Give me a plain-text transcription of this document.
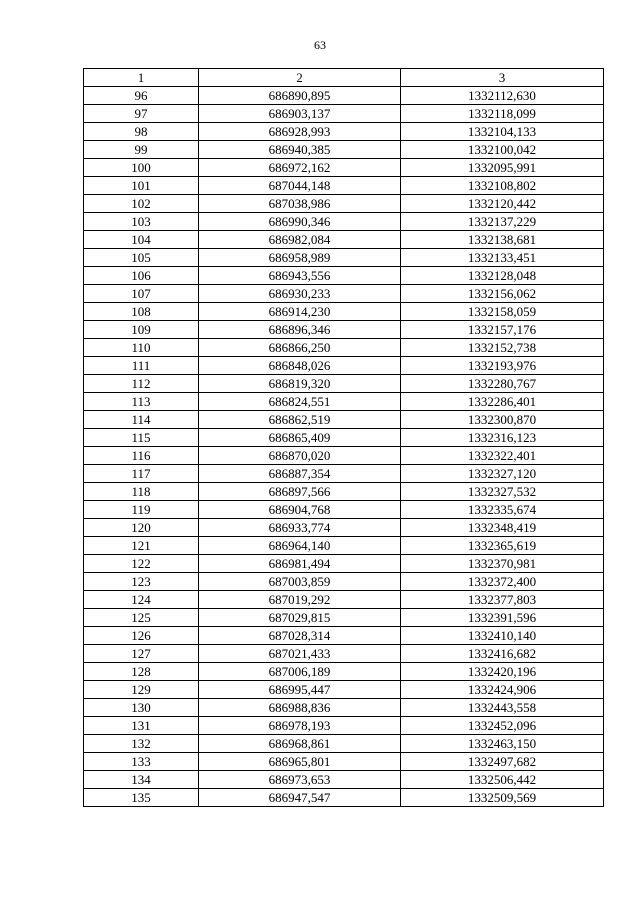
63
1	2	3
96	686890,895	1332112,630
97	686903,137	1332118,099
98	686928,993	1332104,133
99	686940,385	1332100,042
100	686972,162	1332095,991
101	687044,148	1332108,802
102	687038,986	1332120,442
103	686990,346	1332137,229
104	686982,084	1332138,681
105	686958,989	1332133,451
106	686943,556	1332128,048
107	686930,233	1332156,062
108	686914,230	1332158,059
109	686896,346	1332157,176
110	686866,250	1332152,738
111	686848,026	1332193,976
112	686819,320	1332280,767
113	686824,551	1332286,401
114	686862,519	1332300,870
115	686865,409	1332316,123
116	686870,020	1332322,401
117	686887,354	1332327,120
118	686897,566	1332327,532
119	686904,768	1332335,674
120	686933,774	1332348,419
121	686964,140	1332365,619
122	686981,494	1332370,981
123	687003,859	1332372,400
124	687019,292	1332377,803
125	687029,815	1332391,596
126	687028,314	1332410,140
127	687021,433	1332416,682
128	687006,189	1332420,196
129	686995,447	1332424,906
130	686988,836	1332443,558
131	686978,193	1332452,096
132	686968,861	1332463,150
133	686965,801	1332497,682
134	686973,653	1332506,442
135	686947,547	1332509,569
